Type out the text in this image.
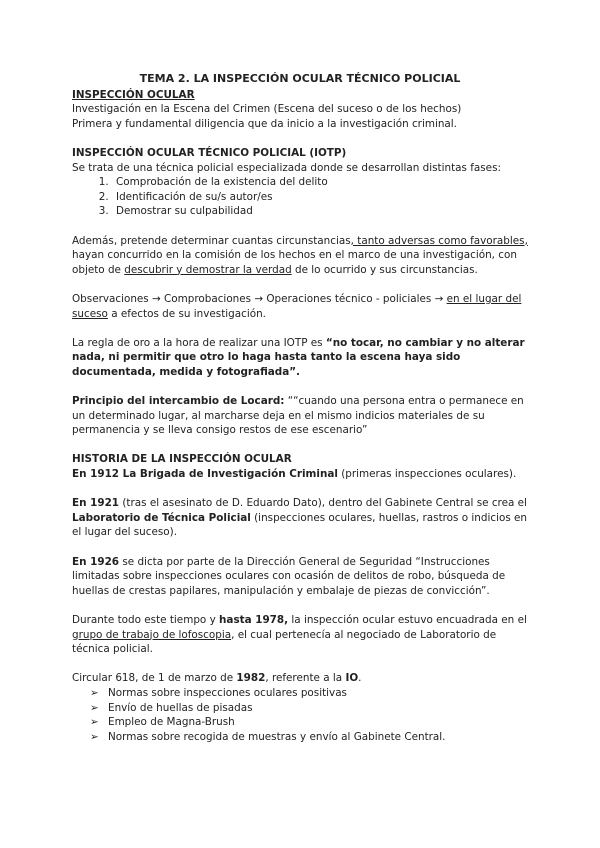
TEMA 2. LA INSPECCIÓN OCULAR TÉCNICO POLICIAL

INSPECCIÓN OCULAR

Investigación en la Escena del Crimen (Escena del suceso o de los hechos)

Primera y fundamental diligencia que da inicio a la investigación criminal.

INSPECCIÓN OCULAR TÉCNICO POLICIAL (IOTP)

Se trata de una técnica policial especializada donde se desarrollan distintas fases:

1. Comprobación de la existencia del delito
2. Identificación de su/s autor/es
3. Demostrar su culpabilidad

Además, pretende determinar cuantas circunstancias, tanto adversas como favorables, hayan concurrido en la comisión de los hechos en el marco de una investigación, con objeto de descubrir y demostrar la verdad de lo ocurrido y sus circunstancias.

Observaciones → Comprobaciones → Operaciones técnico - policiales → en el lugar del suceso a efectos de su investigación.

La regla de oro a la hora de realizar una IOTP es “no tocar, no cambiar y no alterar nada, ni permitir que otro lo haga hasta tanto la escena haya sido documentada, medida y fotografiada”.

Principio del intercambio de Locard: ““cuando una persona entra o permanece en un determinado lugar, al marcharse deja en el mismo indicios materiales de su permanencia y se lleva consigo restos de ese escenario”

HISTORIA DE LA INSPECCIÓN OCULAR

En 1912 La Brigada de Investigación Criminal (primeras inspecciones oculares).

En 1921 (tras el asesinato de D. Eduardo Dato), dentro del Gabinete Central se crea el Laboratorio de Técnica Policial (inspecciones oculares, huellas, rastros o indicios en el lugar del suceso).

En 1926 se dicta por parte de la Dirección General de Seguridad “Instrucciones limitadas sobre inspecciones oculares con ocasión de delitos de robo, búsqueda de huellas de crestas papilares, manipulación y embalaje de piezas de convicción”.

Durante todo este tiempo y hasta 1978, la inspección ocular estuvo encuadrada en el grupo de trabajo de lofoscopia, el cual pertenecía al negociado de Laboratorio de técnica policial.

Circular 618, de 1 de marzo de 1982, referente a la IO.

➢ Normas sobre inspecciones oculares positivas
➢ Envío de huellas de pisadas
➢ Empleo de Magna-Brush
➢ Normas sobre recogida de muestras y envío al Gabinete Central.
